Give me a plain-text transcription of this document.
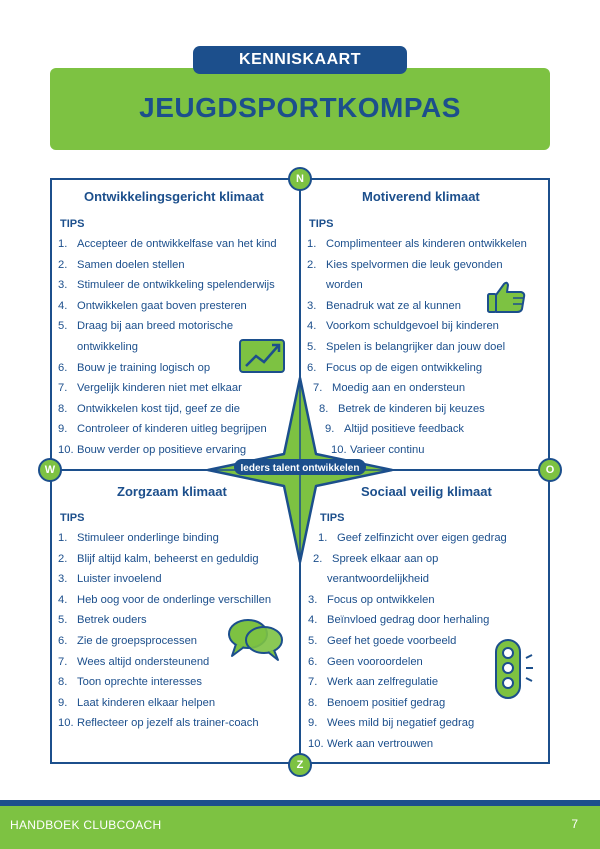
JEUGDSPORTKOMPAS
KENNISKAART
Ieders talent ontwikkelen
N
O
Z
W
Ontwikkelingsgericht klimaat
TIPS
1. Accepteer de ontwikkelfase van het kind
2. Samen doelen stellen
3. Stimuleer de ontwikkeling spelenderwijs
4. Ontwikkelen gaat boven presteren
5. Draag bij aan breed motorische
ontwikkeling
6. Bouw je training logisch op
7. Vergelijk kinderen niet met elkaar
8. Ontwikkelen kost tijd, geef ze die
9. Controleer of kinderen uitleg begrijpen
10. Bouw verder op positieve ervaring
Motiverend klimaat
TIPS
1. Complimenteer als kinderen ontwikkelen
2. Kies spelvormen die leuk gevonden
worden
3. Benadruk wat ze al kunnen
4. Voorkom schuldgevoel bij kinderen
5. Spelen is belangrijker dan jouw doel
6. Focus op de eigen ontwikkeling
7. Moedig aan en ondersteun
8. Betrek de kinderen bij keuzes
9. Altijd positieve feedback
10. Varieer continu
Zorgzaam klimaat
TIPS
1. Stimuleer onderlinge binding
2. Blijf altijd kalm, beheerst en geduldig
3. Luister invoelend
4. Heb oog voor de onderlinge verschillen
5. Betrek ouders
6. Zie de groepsprocessen
7. Wees altijd ondersteunend
8. Toon oprechte interesses
9. Laat kinderen elkaar helpen
10. Reflecteer op jezelf als trainer-coach
Sociaal veilig klimaat
TIPS
1. Geef zelfinzicht over eigen gedrag
2. Spreek elkaar aan op
verantwoordelijkheid
3. Focus op ontwikkelen
4. Beïnvloed gedrag door herhaling
5. Geef het goede voorbeeld
6. Geen vooroordelen
7. Werk aan zelfregulatie
8. Benoem positief gedrag
9. Wees mild bij negatief gedrag
10. Werk aan vertrouwen
HANDBOEK CLUBCOACH	7
